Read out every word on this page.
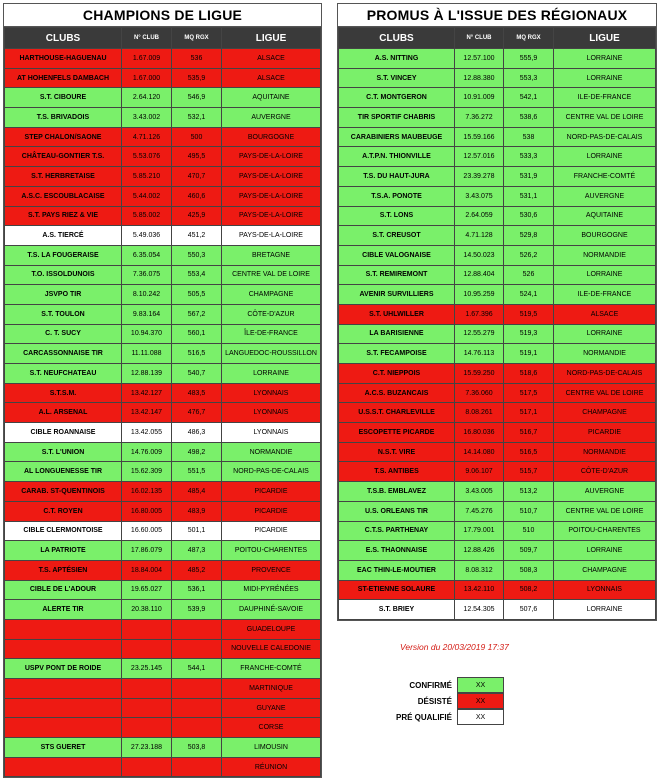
CHAMPIONS DE LIGUE
CLUBS	N° CLUB	MQ RGX	LIGUE
HARTHOUSE-HAGUENAU	1.67.009	536	ALSACE
AT HOHENFELS DAMBACH	1.67.000	535,9	ALSACE
S.T. CIBOURE	2.64.120	546,9	AQUITAINE
T.S. BRIVADOIS	3.43.002	532,1	AUVERGNE
STEP CHALON/SAONE	4.71.126	500	BOURGOGNE
CHÂTEAU-GONTIER T.S.	5.53.076	495,5	PAYS-DE-LA-LOIRE
S.T. HERBRETAISE	5.85.210	470,7	PAYS-DE-LA-LOIRE
A.S.C. ESCOUBLACAISE	5.44.002	460,6	PAYS-DE-LA-LOIRE
S.T. PAYS RIEZ & VIE	5.85.002	425,9	PAYS-DE-LA-LOIRE
A.S. TIERCÉ	5.49.036	451,2	PAYS-DE-LA-LOIRE
T.S. LA FOUGERAISE	6.35.054	550,3	BRETAGNE
T.O. ISSOLDUNOIS	7.36.075	553,4	CENTRE VAL DE LOIRE
JSVPO TIR	8.10.242	505,5	CHAMPAGNE
S.T. TOULON	9.83.164	567,2	CÔTE-D'AZUR
C. T. SUCY	10.94.370	560,1	ÎLE-DE-FRANCE
CARCASSONNAISE TIR	11.11.088	516,5	LANGUEDOC-ROUSSILLON
S.T. NEUFCHATEAU	12.88.139	540,7	LORRAINE
S.T.S.M.	13.42.127	483,5	LYONNAIS
A.L. ARSENAL	13.42.147	476,7	LYONNAIS
CIBLE ROANNAISE	13.42.055	486,3	LYONNAIS
S.T. L'UNION	14.76.009	498,2	NORMANDIE
AL LONGUENESSE TIR	15.62.309	551,5	NORD-PAS-DE-CALAIS
CARAB. ST-QUENTINOIS	16.02.135	485,4	PICARDIE
C.T. ROYEN	16.80.005	483,9	PICARDIE
CIBLE CLERMONTOISE	16.60.005	501,1	PICARDIE
LA PATRIOTE	17.86.079	487,3	POITOU-CHARENTES
T.S. APTÉSIEN	18.84.004	485,2	PROVENCE
CIBLE DE L'ADOUR	19.65.027	536,1	MIDI-PYRÉNÉES
ALERTE TIR	20.38.110	539,9	DAUPHINÉ-SAVOIE
			GUADELOUPE
			NOUVELLE CALEDONIE
USPV PONT DE ROIDE	23.25.145	544,1	FRANCHE-COMTÉ
			MARTINIQUE
			GUYANE
			CORSE
STS GUERET	27.23.188	503,8	LIMOUSIN
			RÉUNION
PROMUS À L'ISSUE DES RÉGIONAUX
CLUBS	N° CLUB	MQ RGX	LIGUE
A.S. NITTING	12.57.100	555,9	LORRAINE
S.T. VINCEY	12.88.380	553,3	LORRAINE
C.T. MONTGERON	10.91.009	542,1	ILE-DE-FRANCE
TIR SPORTIF CHABRIS	7.36.272	538,6	CENTRE VAL DE LOIRE
CARABINIERS MAUBEUGE	15.59.166	538	NORD-PAS-DE-CALAIS
A.T.P.N. THIONVILLE	12.57.016	533,3	LORRAINE
T.S. DU HAUT-JURA	23.39.278	531,9	FRANCHE-COMTÉ
T.S.A. PONOTE	3.43.075	531,1	AUVERGNE
S.T. LONS	2.64.059	530,6	AQUITAINE
S.T. CREUSOT	4.71.128	529,8	BOURGOGNE
CIBLE VALOGNAISE	14.50.023	526,2	NORMANDIE
S.T. REMIREMONT	12.88.404	526	LORRAINE
AVENIR SURVILLIERS	10.95.259	524,1	ILE-DE-FRANCE
S.T. UHLWILLER	1.67.396	519,5	ALSACE
LA BARISIENNE	12.55.279	519,3	LORRAINE
S.T. FECAMPOISE	14.76.113	519,1	NORMANDIE
C.T. NIEPPOIS	15.59.250	518,6	NORD-PAS-DE-CALAIS
A.C.S. BUZANCAIS	7.36.060	517,5	CENTRE VAL DE LOIRE
U.S.S.T. CHARLEVILLE	8.08.261	517,1	CHAMPAGNE
ESCOPETTE PICARDE	16.80.036	516,7	PICARDIE
N.S.T. VIRE	14.14.080	516,5	NORMANDIE
T.S. ANTIBES	9.06.107	515,7	CÔTE-D'AZUR
T.S.B. EMBLAVEZ	3.43.005	513,2	AUVERGNE
U.S. ORLEANS TIR	7.45.276	510,7	CENTRE VAL DE LOIRE
C.T.S. PARTHENAY	17.79.001	510	POITOU-CHARENTES
E.S. THAONNAISE	12.88.426	509,7	LORRAINE
EAC THIN-LE-MOUTIER	8.08.312	508,3	CHAMPAGNE
ST-ETIENNE SOLAURE	13.42.110	508,2	LYONNAIS
S.T. BRIEY	12.54.305	507,6	LORRAINE
Version du 20/03/2019 17:37
CONFIRMÉ	XX
DÉSISTÉ	XX
PRÉ QUALIFIÉ	XX
